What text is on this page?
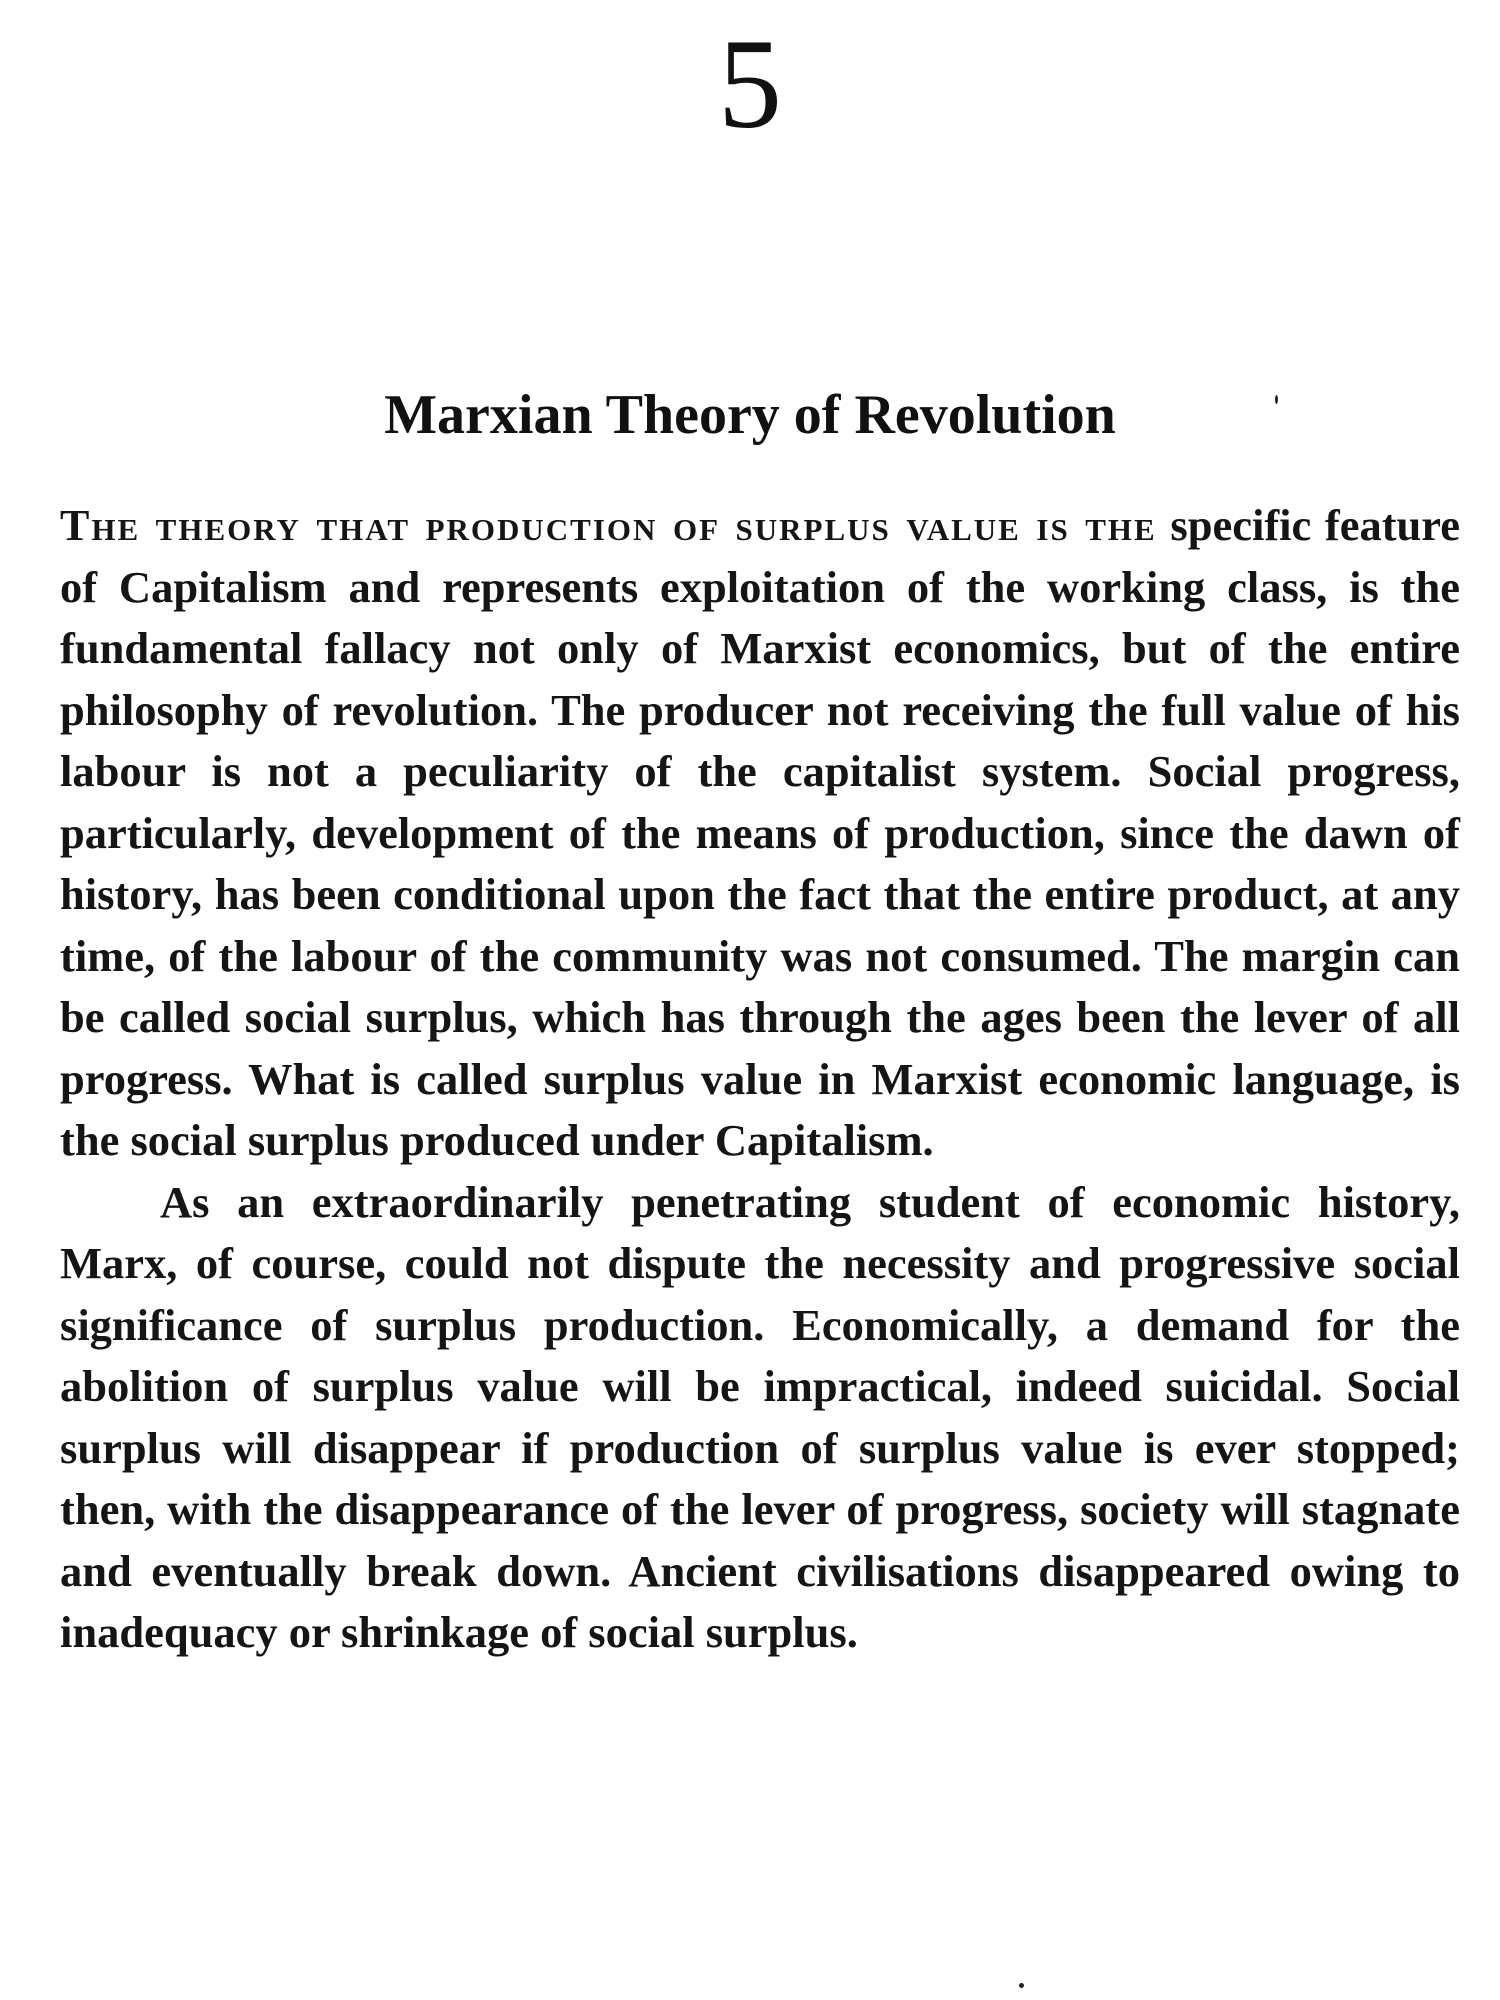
5
Marxian Theory of Revolution

The theory that production of surplus value is the specific feature of Capitalism and represents exploitation of the working class, is the fundamental fallacy not only of Marxist economics, but of the entire philosophy of revolution. The producer not receiving the full value of his labour is not a peculiarity of the capitalist system. Social progress, particularly, development of the means of production, since the dawn of history, has been conditional upon the fact that the entire product, at any time, of the labour of the community was not consumed. The margin can be called social surplus, which has through the ages been the lever of all progress. What is called surplus value in Marxist economic language, is the social surplus produced under Capitalism.

As an extraordinarily penetrating student of economic history, Marx, of course, could not dispute the necessity and progressive social significance of surplus production. Economically, a demand for the abolition of surplus value will be impractical, indeed suicidal. Social surplus will disappear if production of surplus value is ever stopped; then, with the disappearance of the lever of progress, society will stagnate and eventually break down. Ancient civilisations disappeared owing to inadequacy or shrinkage of social surplus.
